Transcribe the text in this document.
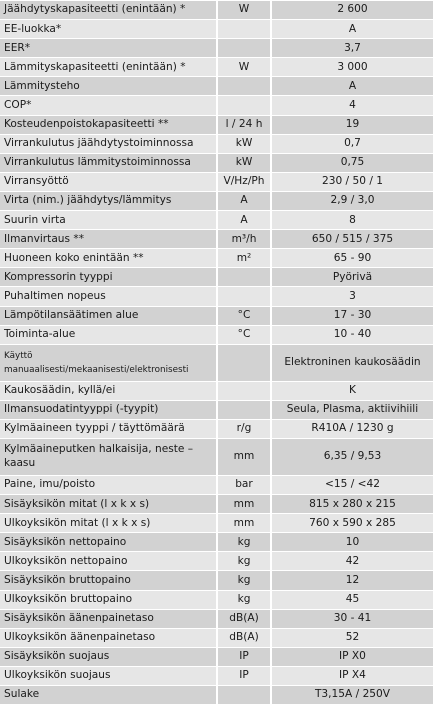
Jäähdytyskapasiteetti (enintään) *	W	2 600
EE-luokka*		A
EER*		3,7
Lämmityskapasiteetti (enintään) *	W	3 000
Lämmitysteho		A
COP*		4
Kosteudenpoistokapasiteetti **	l / 24 h	19
Virrankulutus jäähdytystoiminnossa	kW	0,7
Virrankulutus lämmitystoiminnossa	kW	0,75
Virransyöttö	V/Hz/Ph	230 / 50 / 1
Virta (nim.) jäähdytys/lämmitys	A	2,9 / 3,0
Suurin virta	A	8
Ilmanvirtaus **	m³/h	650 / 515 / 375
Huoneen koko enintään **	m²	65 - 90
Kompressorin tyyppi		Pyörivä
Puhaltimen nopeus		3
Lämpötilansäätimen alue	°C	17 - 30
Toiminta-alue	°C	10 - 40
Käyttö
manuaalisesti/mekaanisesti/elektronisesti		Elektroninen kaukosäädin
Kaukosäädin, kyllä/ei		K
Ilmansuodatintyyppi (-tyypit)		Seula, Plasma, aktiivihiili
Kylmäaineen tyyppi / täyttömäärä	r/g	R410A / 1230 g
Kylmäaineputken halkaisija, neste –
kaasu	mm	6,35 / 9,53
Paine, imu/poisto	bar	<15 / <42
Sisäyksikön mitat (l x k x s)	mm	815 x 280 x 215
Ulkoyksikön mitat (l x k x s)	mm	760 x 590 x 285
Sisäyksikön nettopaino	kg	10
Ulkoyksikön nettopaino	kg	42
Sisäyksikön bruttopaino	kg	12
Ulkoyksikön bruttopaino	kg	45
Sisäyksikön äänenpainetaso	dB(A)	30 - 41
Ulkoyksikön äänenpainetaso	dB(A)	52
Sisäyksikön suojaus	IP	IP X0
Ulkoyksikön suojaus	IP	IP X4
Sulake		T3,15A / 250V
